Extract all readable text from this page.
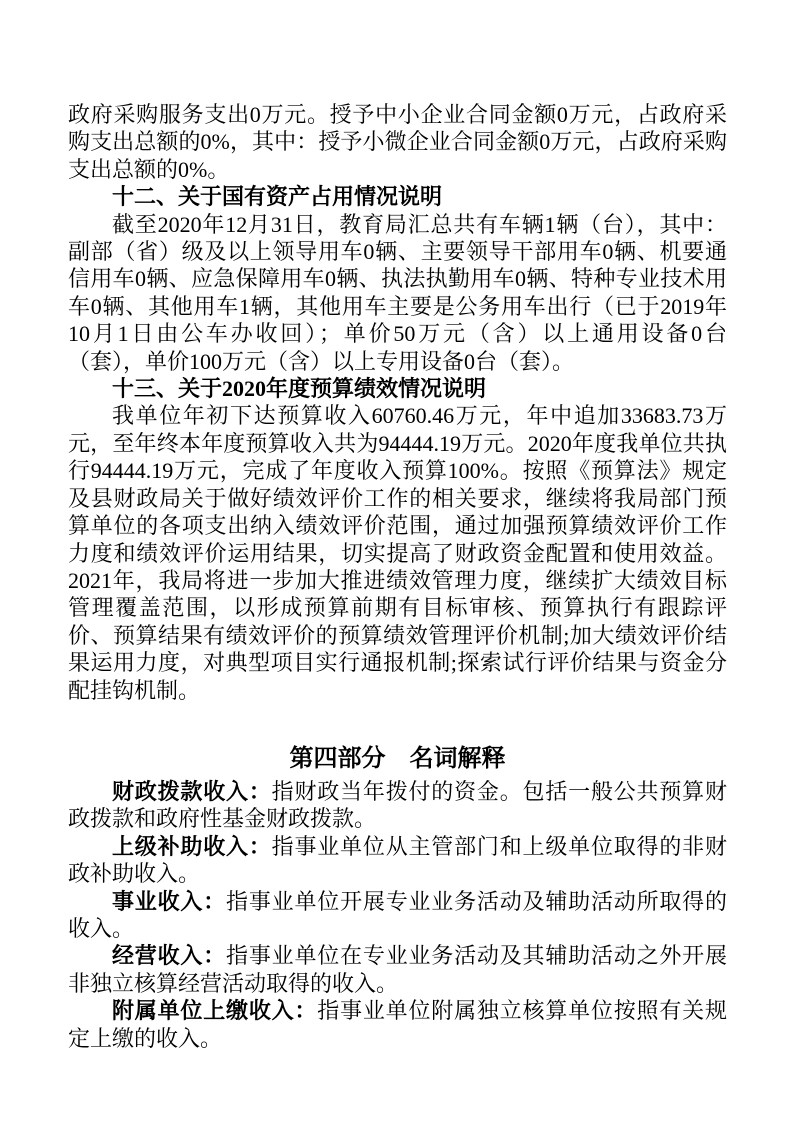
政府采购服务支出0万元。授予中小企业合同金额0万元，占政府采购支出总额的0%，其中：授予小微企业合同金额0万元，占政府采购支出总额的0%。

十二、关于国有资产占用情况说明

截至2020年12月31日，教育局汇总共有车辆1辆（台），其中：副部（省）级及以上领导用车0辆、主要领导干部用车0辆、机要通信用车0辆、应急保障用车0辆、执法执勤用车0辆、特种专业技术用车0辆、其他用车1辆，其他用车主要是公务用车出行（已于2019年10月1日由公车办收回）；单价50万元（含）以上通用设备0台（套），单价100万元（含）以上专用设备0台（套）。

十三、关于2020年度预算绩效情况说明

我单位年初下达预算收入60760.46万元，年中追加33683.73万元，至年终本年度预算收入共为94444.19万元。2020年度我单位共执行94444.19万元，完成了年度收入预算100%。按照《预算法》规定及县财政局关于做好绩效评价工作的相关要求，继续将我局部门预算单位的各项支出纳入绩效评价范围，通过加强预算绩效评价工作力度和绩效评价运用结果，切实提高了财政资金配置和使用效益。2021年，我局将进一步加大推进绩效管理力度，继续扩大绩效目标管理覆盖范围，以形成预算前期有目标审核、预算执行有跟踪评价、预算结果有绩效评价的预算绩效管理评价机制;加大绩效评价结果运用力度，对典型项目实行通报机制;探索试行评价结果与资金分配挂钩机制。

第四部分　名词解释

财政拨款收入：指财政当年拨付的资金。包括一般公共预算财政拨款和政府性基金财政拨款。

上级补助收入：指事业单位从主管部门和上级单位取得的非财政补助收入。

事业收入：指事业单位开展专业业务活动及辅助活动所取得的收入。

经营收入：指事业单位在专业业务活动及其辅助活动之外开展非独立核算经营活动取得的收入。

附属单位上缴收入：指事业单位附属独立核算单位按照有关规定上缴的收入。
